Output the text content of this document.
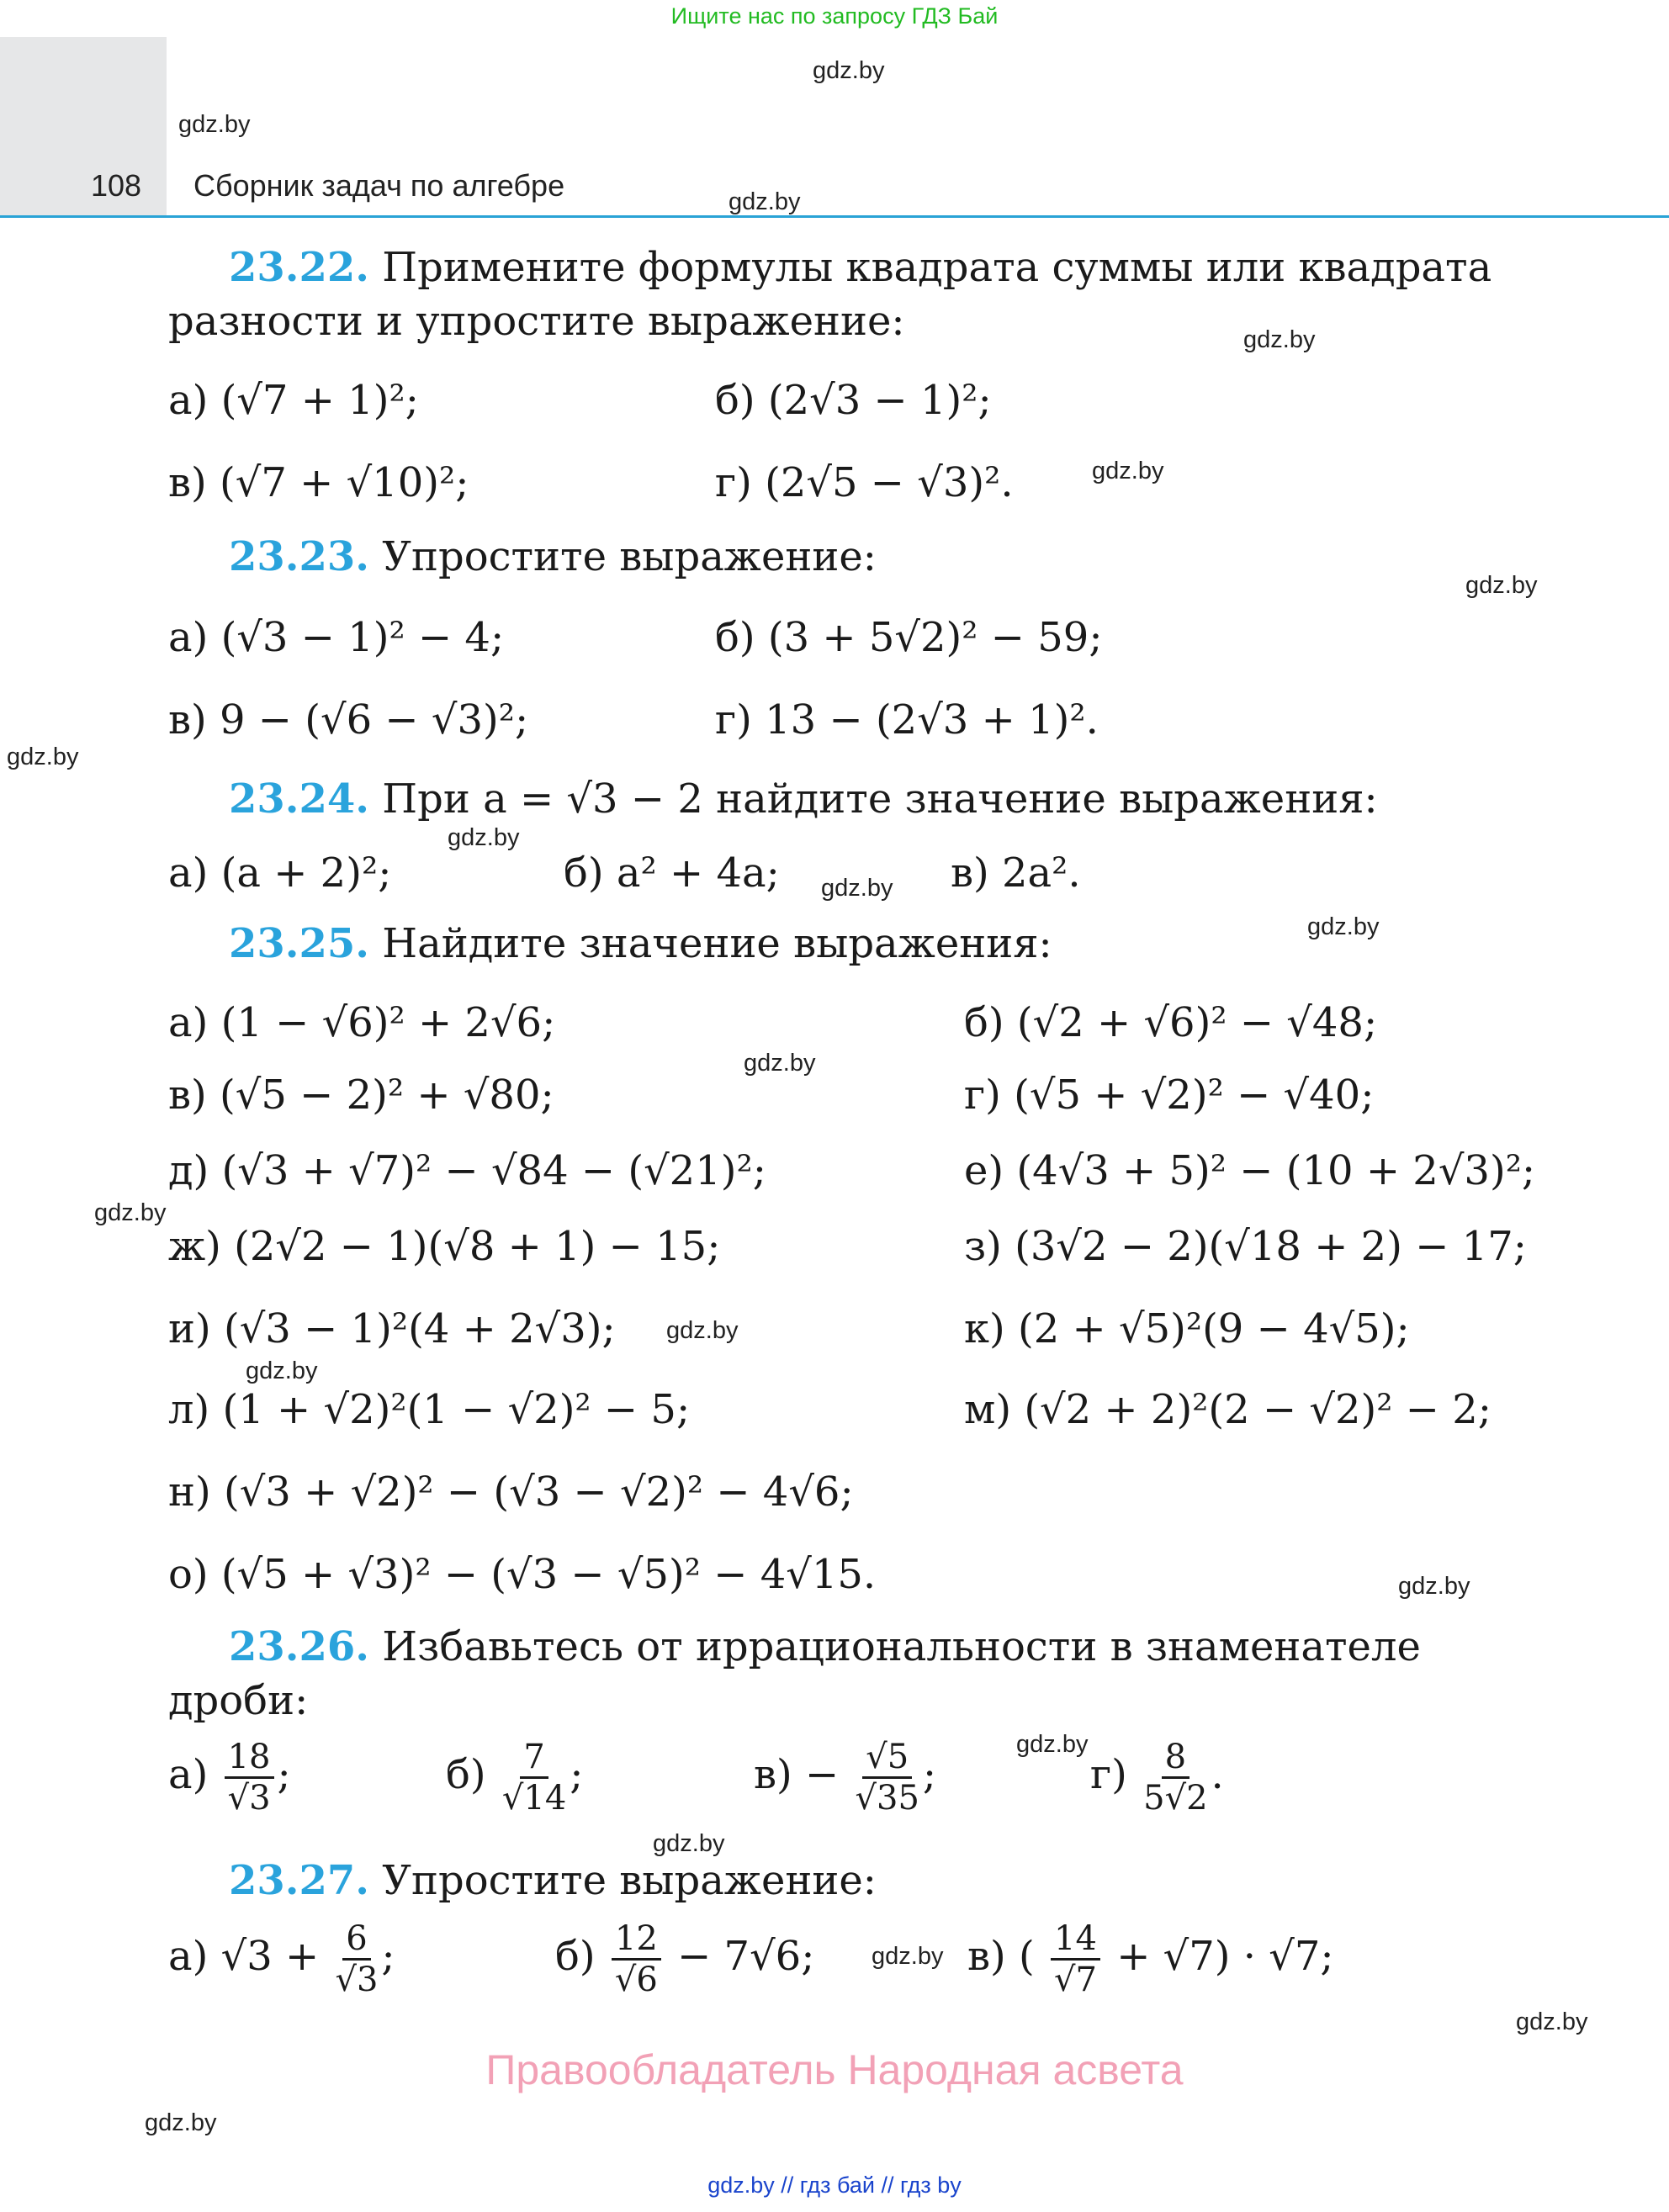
Ищите нас по запросу ГДЗ Бай
108 Сборник задач по алгебре
gdz.by
gdz.by
gdz.by
gdz.by
gdz.by
gdz.by
gdz.by
gdz.by
gdz.by
gdz.by
gdz.by
gdz.by
gdz.by
gdz.by
gdz.by
gdz.by
gdz.by
gdz.by
gdz.by
gdz.by
23.22. Примените формулы квадрата суммы или квадрата
разности и упростите выражение:
а) (√7 + 1)²;	б) (2√3 − 1)²;
в) (√7 + √10)²;	г) (2√5 − √3)².
23.23. Упростите выражение:
а) (√3 − 1)² − 4;	б) (3 + 5√2)² − 59;
в) 9 − (√6 − √3)²;	г) 13 − (2√3 + 1)².
23.24. При a = √3 − 2 найдите значение выражения:
а) (a + 2)²;	б) a² + 4a;	в) 2a².
23.25. Найдите значение выражения:
а) (1 − √6)² + 2√6;	б) (√2 + √6)² − √48;
в) (√5 − 2)² + √80;	г) (√5 + √2)² − √40;
д) (√3 + √7)² − √84 − (√21)²;	е) (4√3 + 5)² − (10 + 2√3)²;
ж) (2√2 − 1)(√8 + 1) − 15;	з) (3√2 − 2)(√18 + 2) − 17;
и) (√3 − 1)²(4 + 2√3);	к) (2 + √5)²(9 − 4√5);
л) (1 + √2)²(1 − √2)² − 5;	м) (√2 + 2)²(2 − √2)² − 2;
н) (√3 + √2)² − (√3 − √2)² − 4√6;
о) (√5 + √3)² − (√3 − √5)² − 4√15.
23.26. Избавьтесь от иррациональности в знаменателе
дроби:
$а) \frac{18}{√3}$ ;	$б) \frac{7}{√14}$ ;	$в) - \frac{√5}{√35}$ ;	$г) \frac{8}{5√2}$ .
23.27. Упростите выражение:
а) $√3 + \frac{6}{√3}$ ;	$б) \frac{12}{√6} - 7√6$;	в) ( $\frac{14}{√7} + √7) \cdot √7$;
Правообладатель Народная асвета
gdz.by // гдз бай // гдз by
